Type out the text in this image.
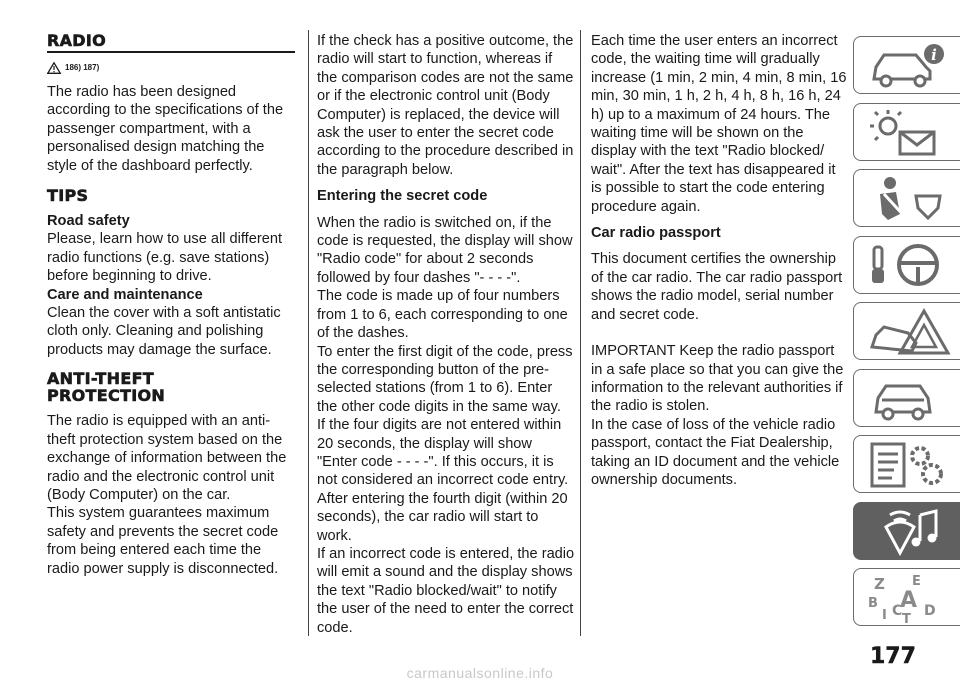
RADIO
186) 187)

The radio has been designed according to the specifications of the passenger compartment, with a personalised design matching the style of the dashboard perfectly.

TIPS

Road safety

Please, learn how to use all different radio functions (e.g. save stations) before beginning to drive.

Care and maintenance

Clean the cover with a soft antistatic cloth only. Cleaning and polishing products may damage the surface.

ANTI-THEFT
PROTECTION

The radio is equipped with an anti-theft protection system based on the exchange of information between the radio and the electronic control unit (Body Computer) on the car.

This system guarantees maximum safety and prevents the secret code from being entered each time the radio power supply is disconnected.

If the check has a positive outcome, the radio will start to function, whereas if the comparison codes are not the same or if the electronic control unit (Body Computer) is replaced, the device will ask the user to enter the secret code according to the procedure described in the paragraph below.

Entering the secret code

When the radio is switched on, if the code is requested, the display will show "Radio code" for about 2 seconds followed by four dashes "- - - -".

The code is made up of four numbers from 1 to 6, each corresponding to one of the dashes.

To enter the first digit of the code, press the corresponding button of the pre-selected stations (from 1 to 6). Enter the other code digits in the same way.

If the four digits are not entered within 20 seconds, the display will show "Enter code - - - -". If this occurs, it is not considered an incorrect code entry.

After entering the fourth digit (within 20 seconds), the car radio will start to work.

If an incorrect code is entered, the radio will emit a sound and the display shows the text "Radio blocked/wait" to notify the user of the need to enter the correct code.

Each time the user enters an incorrect code, the waiting time will gradually increase (1 min, 2 min, 4 min, 8 min, 16 min, 30 min, 1 h, 2 h, 4 h, 8 h, 16 h, 24 h) up to a maximum of 24 hours. The waiting time will be shown on the display with the text "Radio blocked/ wait". After the text has disappeared it is possible to start the code entering procedure again.

Car radio passport

This document certifies the ownership of the car radio. The car radio passport shows the radio model, serial number and secret code.

IMPORTANT Keep the radio passport in a safe place so that you can give the information to the relevant authorities if the radio is stolen.

In the case of loss of the vehicle radio passport, contact the Fiat Dealership, taking an ID document and the vehicle ownership documents.

i
Z E
B A
I C
T
D
177
carmanualsonline.info
